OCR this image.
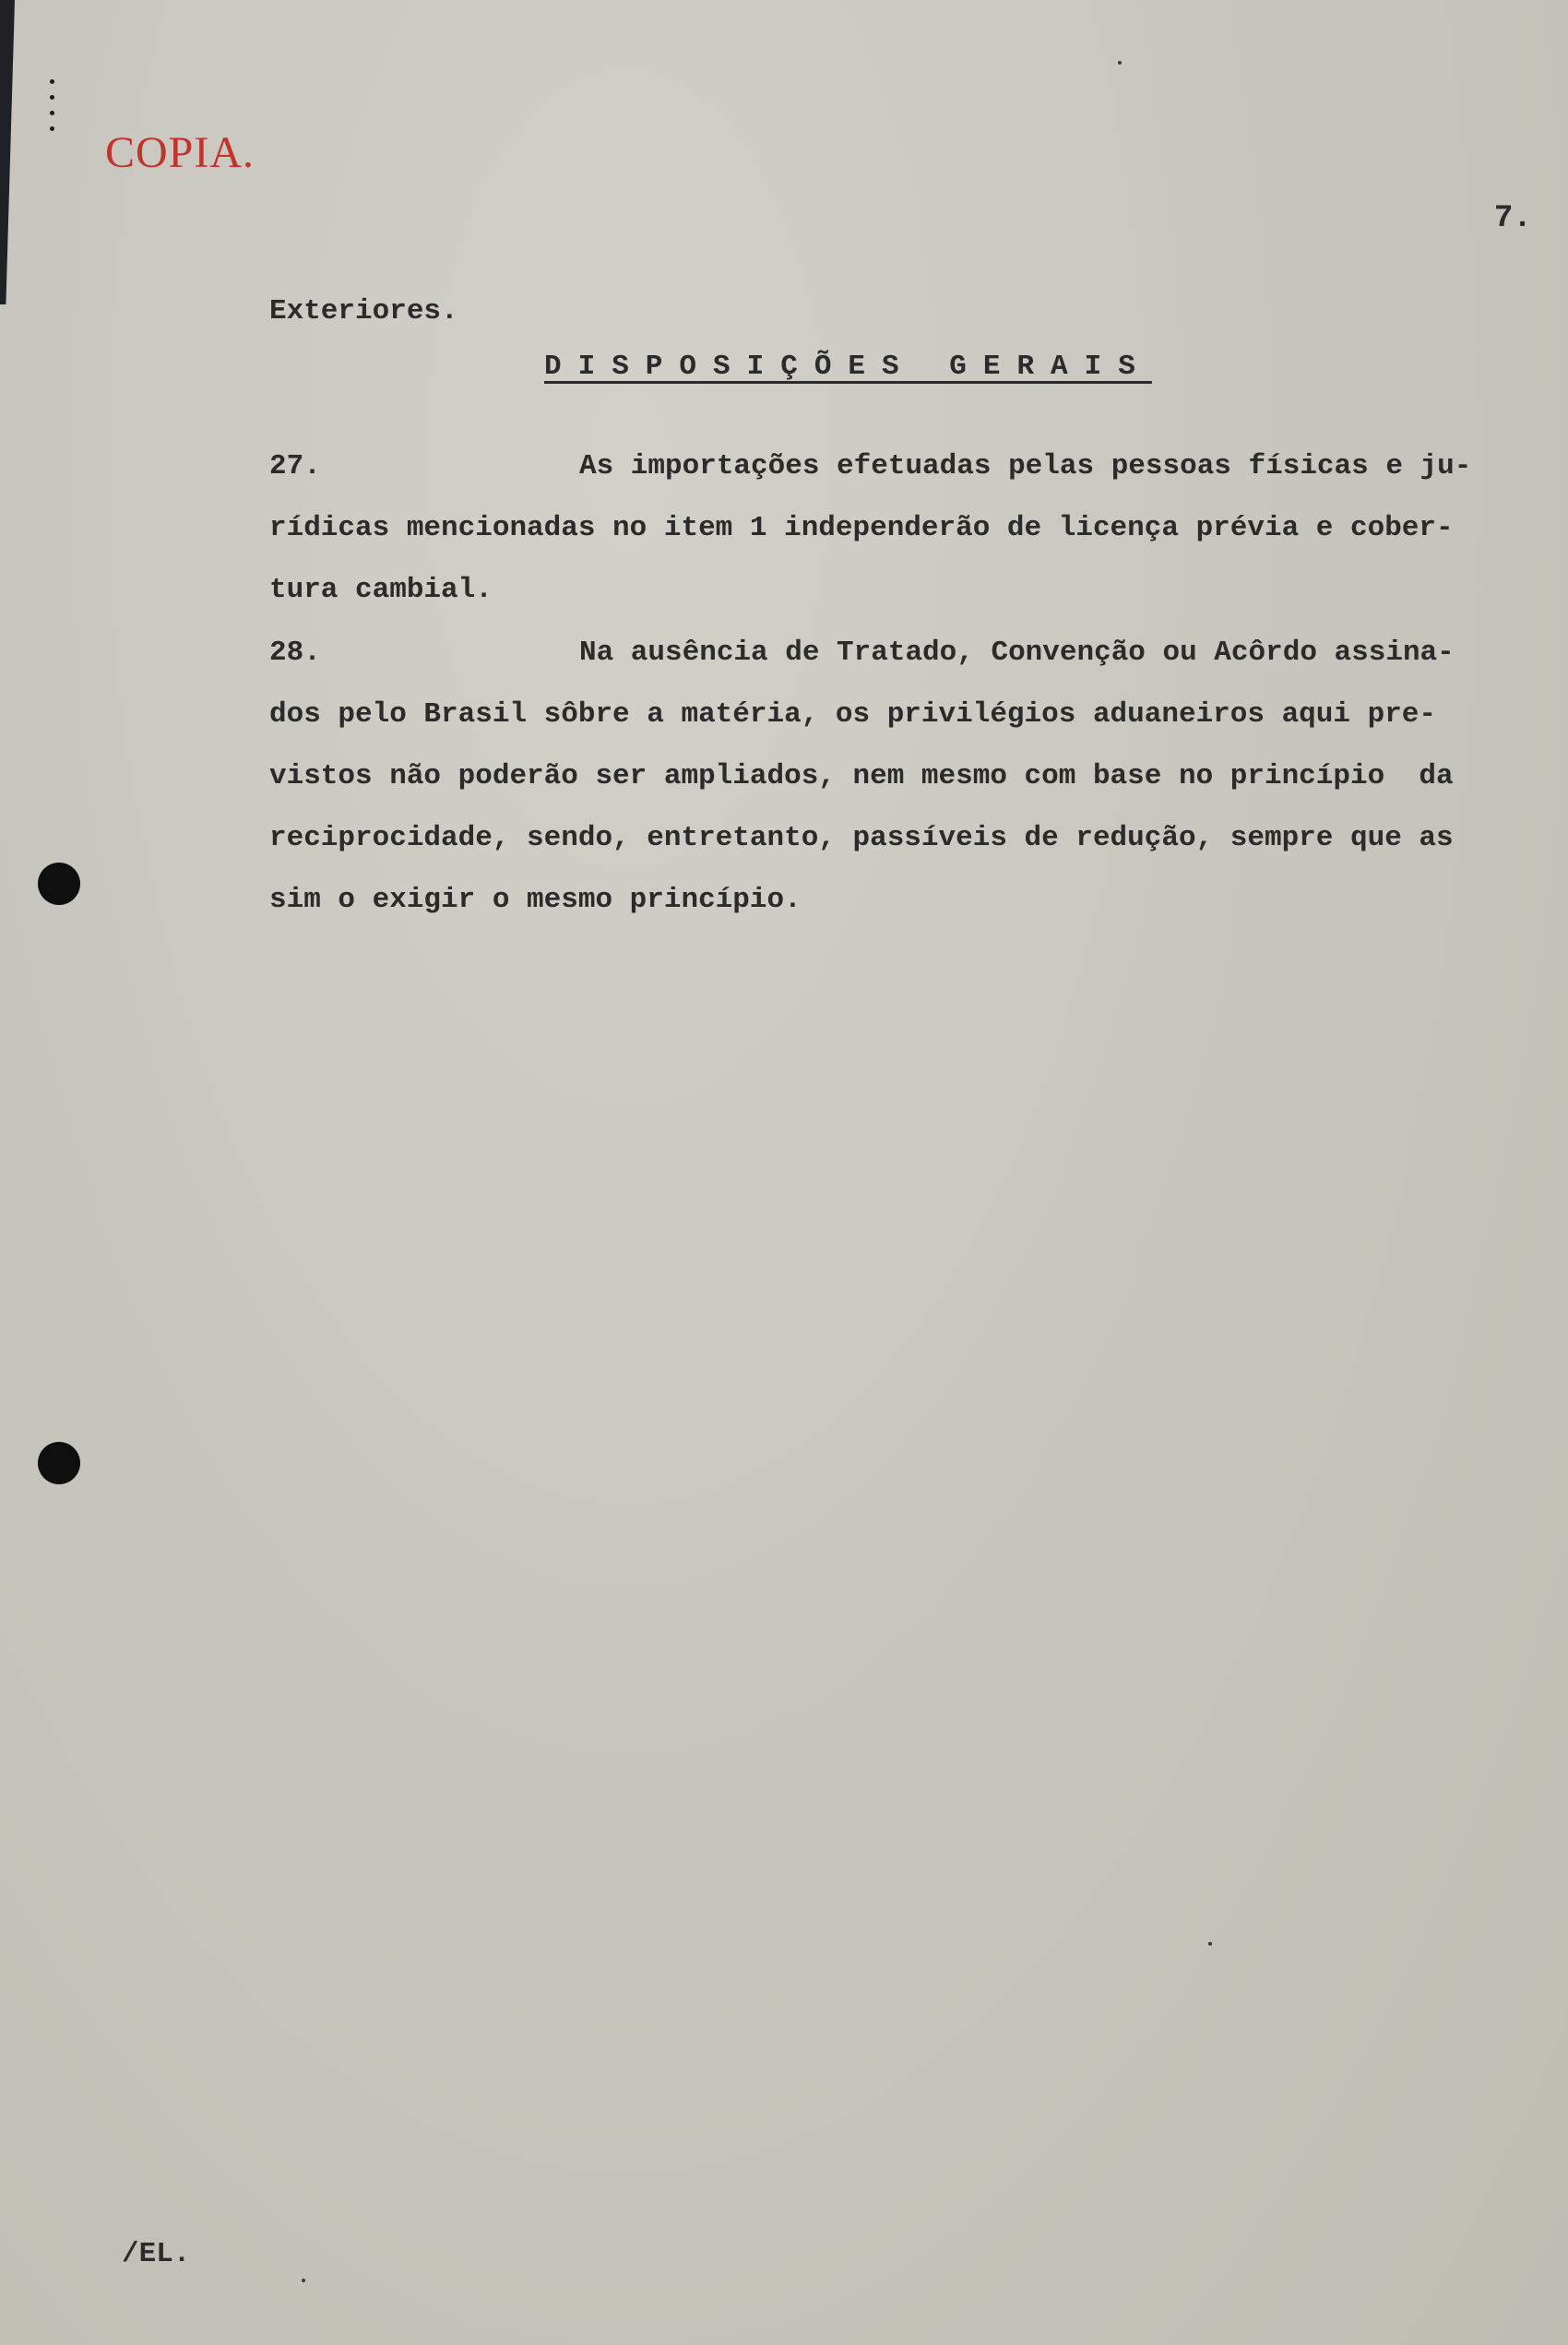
COPIA.
7.
Exteriores.
DISPOSIÇÕES GERAIS
27.	As importações efetuadas pelas pessoas físicas e ju-
rídicas mencionadas no item 1 independerão de licença prévia e cober-
tura cambial.
28.	Na ausência de Tratado, Convenção ou Acôrdo assina-
dos pelo Brasil sôbre a matéria, os privilégios aduaneiros aqui pre-
vistos não poderão ser ampliados, nem mesmo com base no princípio  da
reciprocidade, sendo, entretanto, passíveis de redução, sempre que as
sim o exigir o mesmo princípio.
/EL.
